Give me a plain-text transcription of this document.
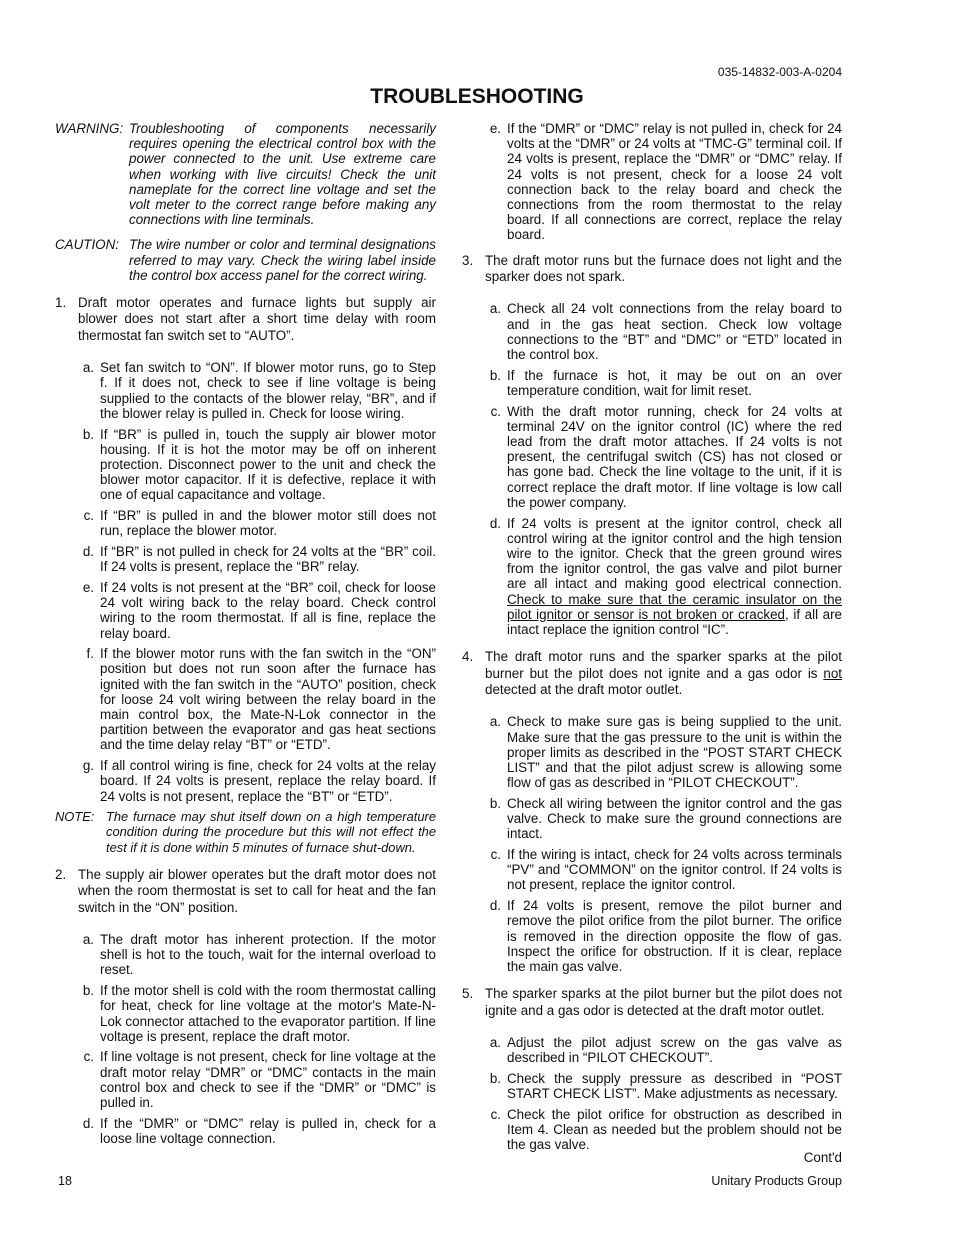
035-14832-003-A-0204
TROUBLESHOOTING
WARNING: Troubleshooting of components necessarily requires opening the electrical control box with the power connected to the unit. Use extreme care when working with live circuits! Check the unit nameplate for the correct line voltage and set the volt meter to the correct range before making any connections with line terminals.
CAUTION: The wire number or color and terminal designations referred to may vary. Check the wiring label inside the control box access panel for the correct wiring.
1. Draft motor operates and furnace lights but supply air blower does not start after a short time delay with room thermostat fan switch set to “AUTO”.
a. Set fan switch to “ON”. If blower motor runs, go to Step f. If it does not, check to see if line voltage is being supplied to the contacts of the blower relay, “BR”, and if the blower relay is pulled in. Check for loose wiring.
b. If “BR” is pulled in, touch the supply air blower motor housing. If it is hot the motor may be off on inherent protection. Disconnect power to the unit and check the blower motor capacitor. If it is defective, replace it with one of equal capacitance and voltage.
c. If “BR” is pulled in and the blower motor still does not run, replace the blower motor.
d. If “BR” is not pulled in check for 24 volts at the “BR” coil. If 24 volts is present, replace the “BR” relay.
e. If 24 volts is not present at the “BR” coil, check for loose 24 volt wiring back to the relay board. Check control wiring to the room thermostat. If all is fine, replace the relay board.
f. If the blower motor runs with the fan switch in the “ON” position but does not run soon after the furnace has ignited with the fan switch in the “AUTO” position, check for loose 24 volt wiring between the relay board in the main control box, the Mate-N-Lok connector in the partition between the evaporator and gas heat sections and the time delay relay “BT” or “ETD”.
g. If all control wiring is fine, check for 24 volts at the relay board. If 24 volts is present, replace the relay board. If 24 volts is not present, replace the “BT” or “ETD”.
NOTE: The furnace may shut itself down on a high temperature condition during the procedure but this will not effect the test if it is done within 5 minutes of furnace shut-down.
2. The supply air blower operates but the draft motor does not when the room thermostat is set to call for heat and the fan switch in the “ON” position.
a. The draft motor has inherent protection. If the motor shell is hot to the touch, wait for the internal overload to reset.
b. If the motor shell is cold with the room thermostat calling for heat, check for line voltage at the motor's Mate-N-Lok connector attached to the evaporator partition. If line voltage is present, replace the draft motor.
c. If line voltage is not present, check for line voltage at the draft motor relay “DMR” or “DMC” contacts in the main control box and check to see if the “DMR” or “DMC” is pulled in.
d. If the “DMR” or “DMC” relay is pulled in, check for a loose line voltage connection.
e. If the “DMR” or “DMC” relay is not pulled in, check for 24 volts at the “DMR” or 24 volts at “TMC-G” terminal coil. If 24 volts is present, replace the “DMR” or “DMC” relay. If 24 volts is not present, check for a loose 24 volt connection back to the relay board and check the connections from the room thermostat to the relay board. If all connections are correct, replace the relay board.
3. The draft motor runs but the furnace does not light and the sparker does not spark.
a. Check all 24 volt connections from the relay board to and in the gas heat section. Check low voltage connections to the “BT” and “DMC” or “ETD” located in the control box.
b. If the furnace is hot, it may be out on an over temperature condition, wait for limit reset.
c. With the draft motor running, check for 24 volts at terminal 24V on the ignitor control (IC) where the red lead from the draft motor attaches. If 24 volts is not present, the centrifugal switch (CS) has not closed or has gone bad. Check the line voltage to the unit, if it is correct replace the draft motor. If line voltage is low call the power company.
d. If 24 volts is present at the ignitor control, check all control wiring at the ignitor control and the high tension wire to the ignitor. Check that the green ground wires from the ignitor control, the gas valve and pilot burner are all intact and making good electrical connection. Check to make sure that the ceramic insulator on the pilot ignitor or sensor is not broken or cracked, if all are intact replace the ignition control “IC”.
4. The draft motor runs and the sparker sparks at the pilot burner but the pilot does not ignite and a gas odor is not detected at the draft motor outlet.
a. Check to make sure gas is being supplied to the unit. Make sure that the gas pressure to the unit is within the proper limits as described in the “POST START CHECK LIST” and that the pilot adjust screw is allowing some flow of gas as described in “PILOT CHECKOUT”.
b. Check all wiring between the ignitor control and the gas valve. Check to make sure the ground connections are intact.
c. If the wiring is intact, check for 24 volts across terminals “PV” and “COMMON” on the ignitor control. If 24 volts is not present, replace the ignitor control.
d. If 24 volts is present, remove the pilot burner and remove the pilot orifice from the pilot burner. The orifice is removed in the direction opposite the flow of gas. Inspect the orifice for obstruction. If it is clear, replace the main gas valve.
5. The sparker sparks at the pilot burner but the pilot does not ignite and a gas odor is detected at the draft motor outlet.
a. Adjust the pilot adjust screw on the gas valve as described in “PILOT CHECKOUT”.
b. Check the supply pressure as described in “POST START CHECK LIST”. Make adjustments as necessary.
c. Check the pilot orifice for obstruction as described in Item 4. Clean as needed but the problem should not be the gas valve.
Cont'd
18	Unitary Products Group
